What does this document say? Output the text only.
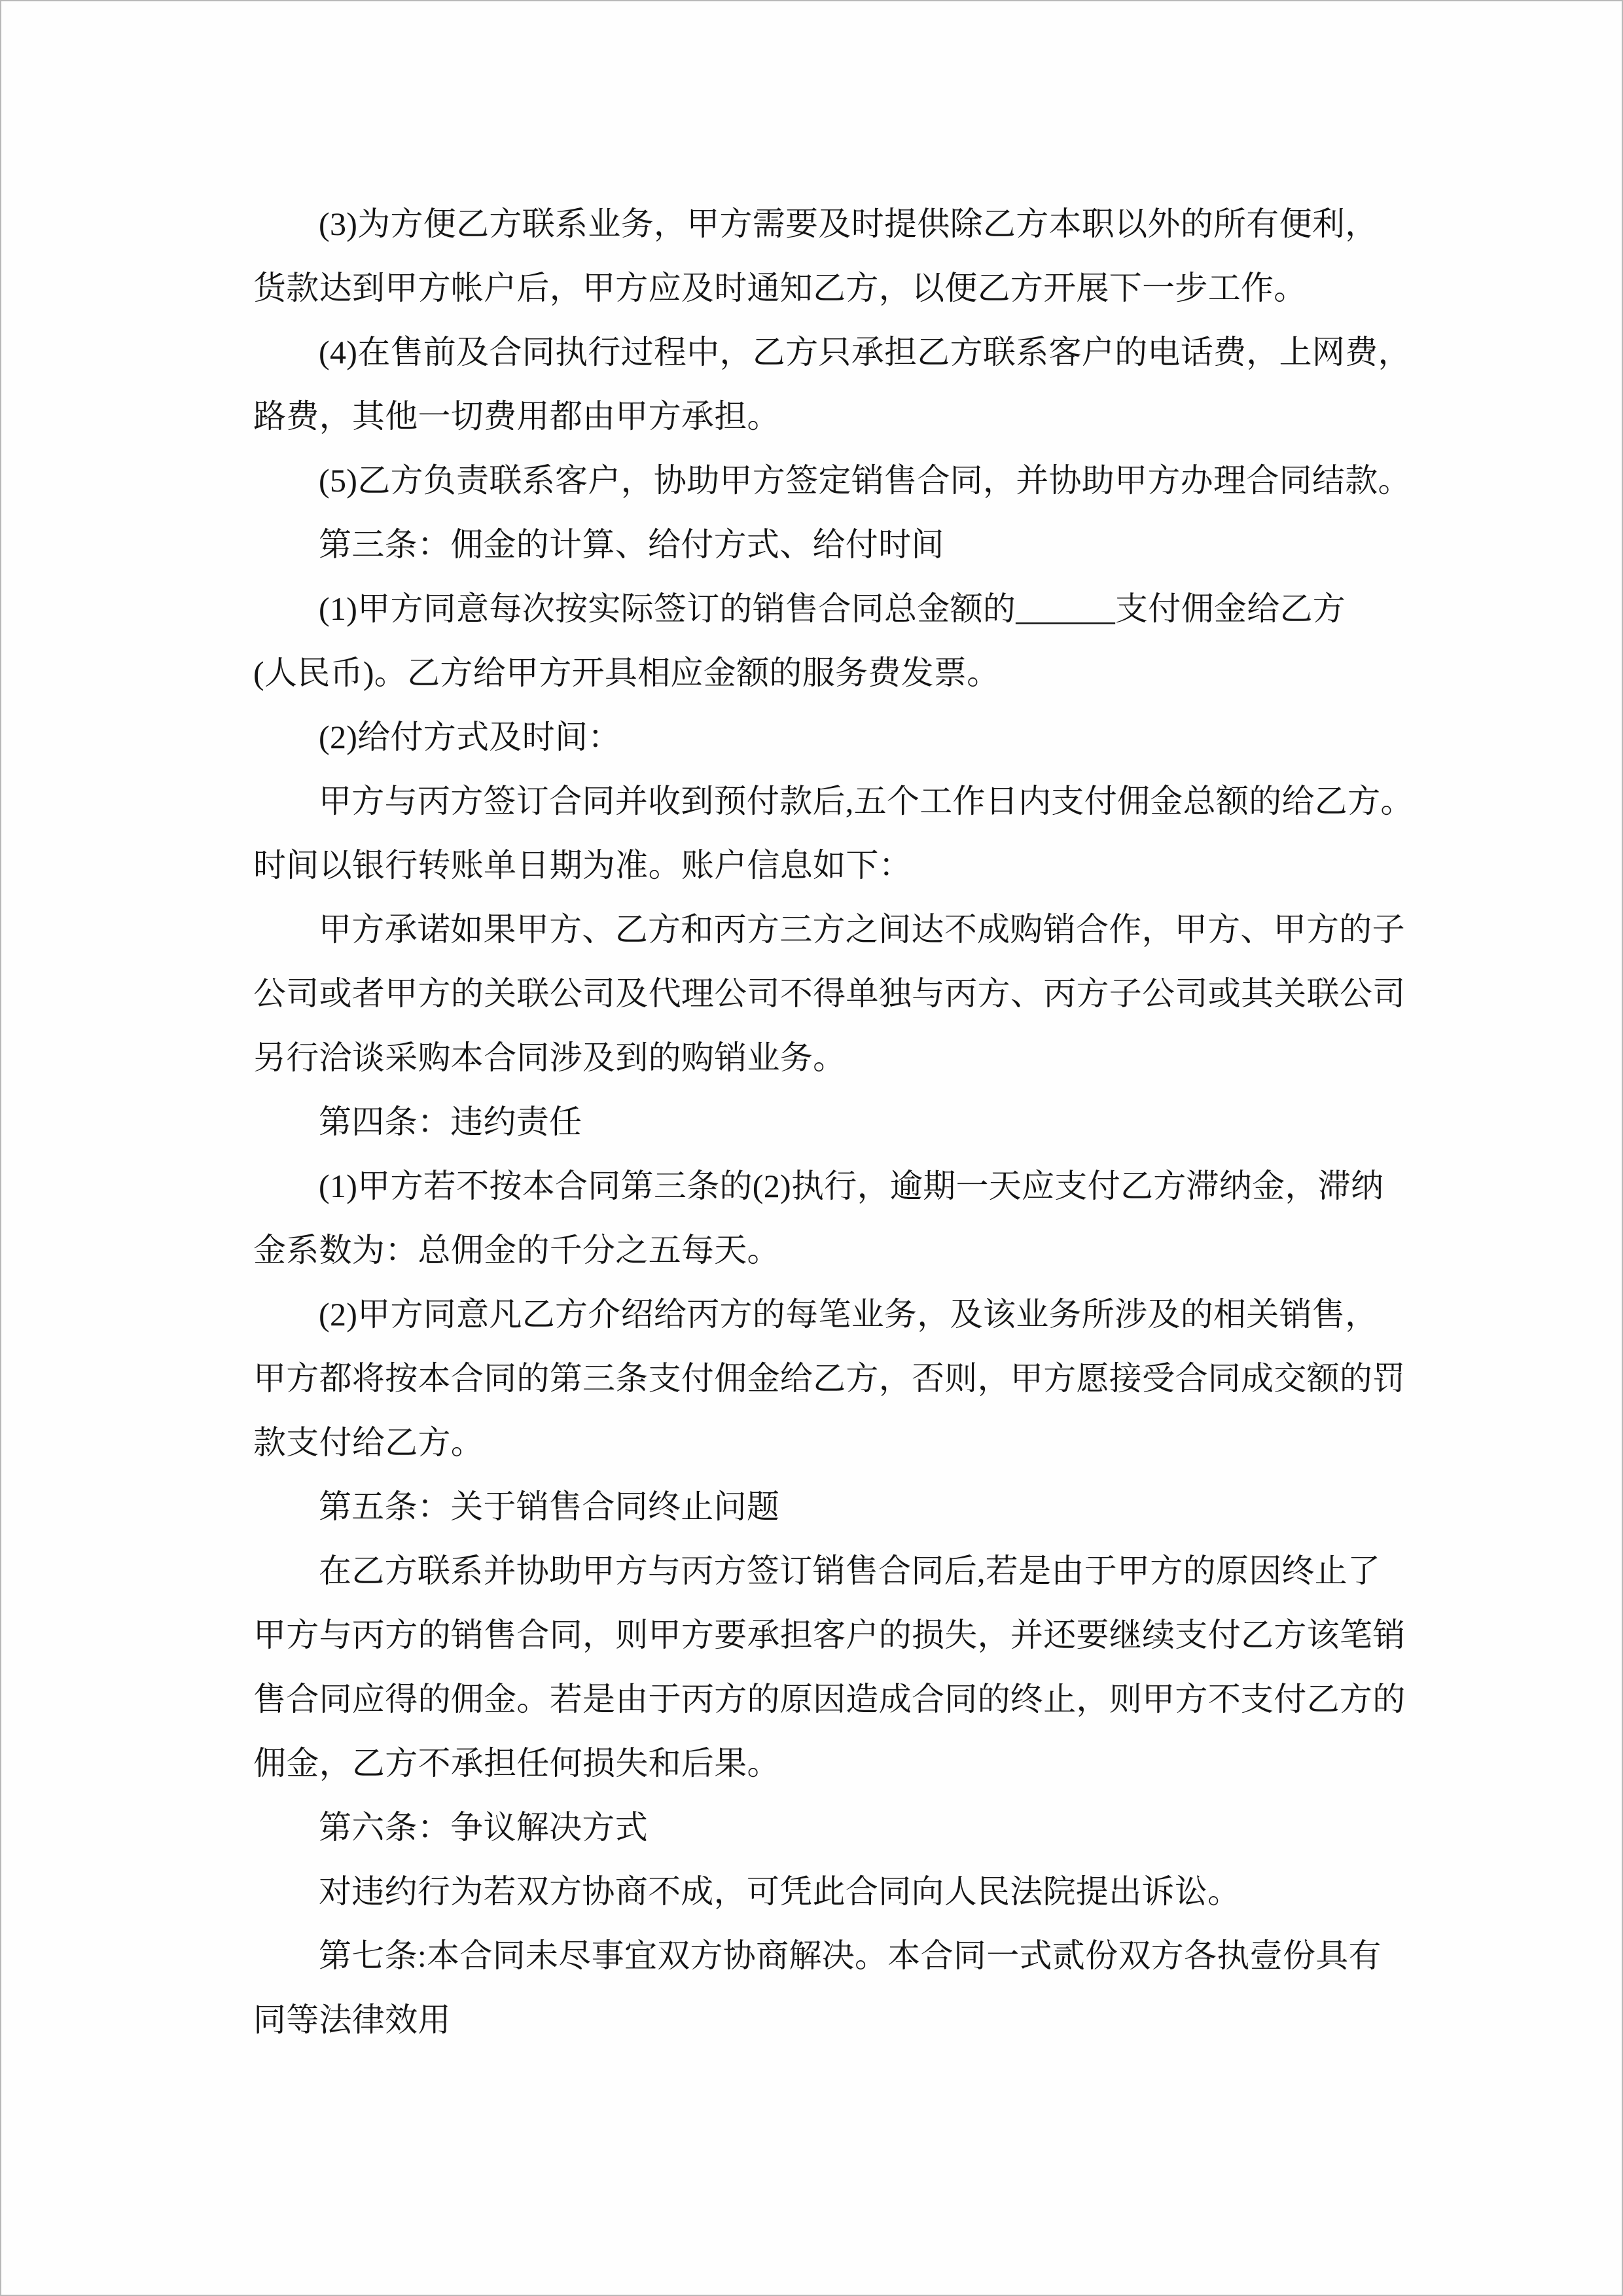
(3)为方便乙方联系业务，甲方需要及时提供除乙方本职以外的所有便利，
货款达到甲方帐户后，甲方应及时通知乙方，以便乙方开展下一步工作。
(4)在售前及合同执行过程中，乙方只承担乙方联系客户的电话费，上网费，
路费，其他一切费用都由甲方承担。
(5)乙方负责联系客户，协助甲方签定销售合同，并协助甲方办理合同结款。
第三条：佣金的计算、给付方式、给付时间
(1)甲方同意每次按实际签订的销售合同总金额的______支付佣金给乙方
(人民币)。乙方给甲方开具相应金额的服务费发票。
(2)给付方式及时间：
甲方与丙方签订合同并收到预付款后,五个工作日内支付佣金总额的给乙方。
时间以银行转账单日期为准。账户信息如下：
甲方承诺如果甲方、乙方和丙方三方之间达不成购销合作，甲方、甲方的子
公司或者甲方的关联公司及代理公司不得单独与丙方、丙方子公司或其关联公司
另行洽谈采购本合同涉及到的购销业务。
第四条：违约责任
(1)甲方若不按本合同第三条的(2)执行，逾期一天应支付乙方滞纳金，滞纳
金系数为：总佣金的千分之五每天。
(2)甲方同意凡乙方介绍给丙方的每笔业务，及该业务所涉及的相关销售，
甲方都将按本合同的第三条支付佣金给乙方，否则，甲方愿接受合同成交额的罚
款支付给乙方。
第五条：关于销售合同终止问题
在乙方联系并协助甲方与丙方签订销售合同后,若是由于甲方的原因终止了
甲方与丙方的销售合同，则甲方要承担客户的损失，并还要继续支付乙方该笔销
售合同应得的佣金。若是由于丙方的原因造成合同的终止，则甲方不支付乙方的
佣金，乙方不承担任何损失和后果。
第六条：争议解决方式
对违约行为若双方协商不成，可凭此合同向人民法院提出诉讼。
第七条:本合同未尽事宜双方协商解决。本合同一式贰份双方各执壹份具有
同等法律效用
